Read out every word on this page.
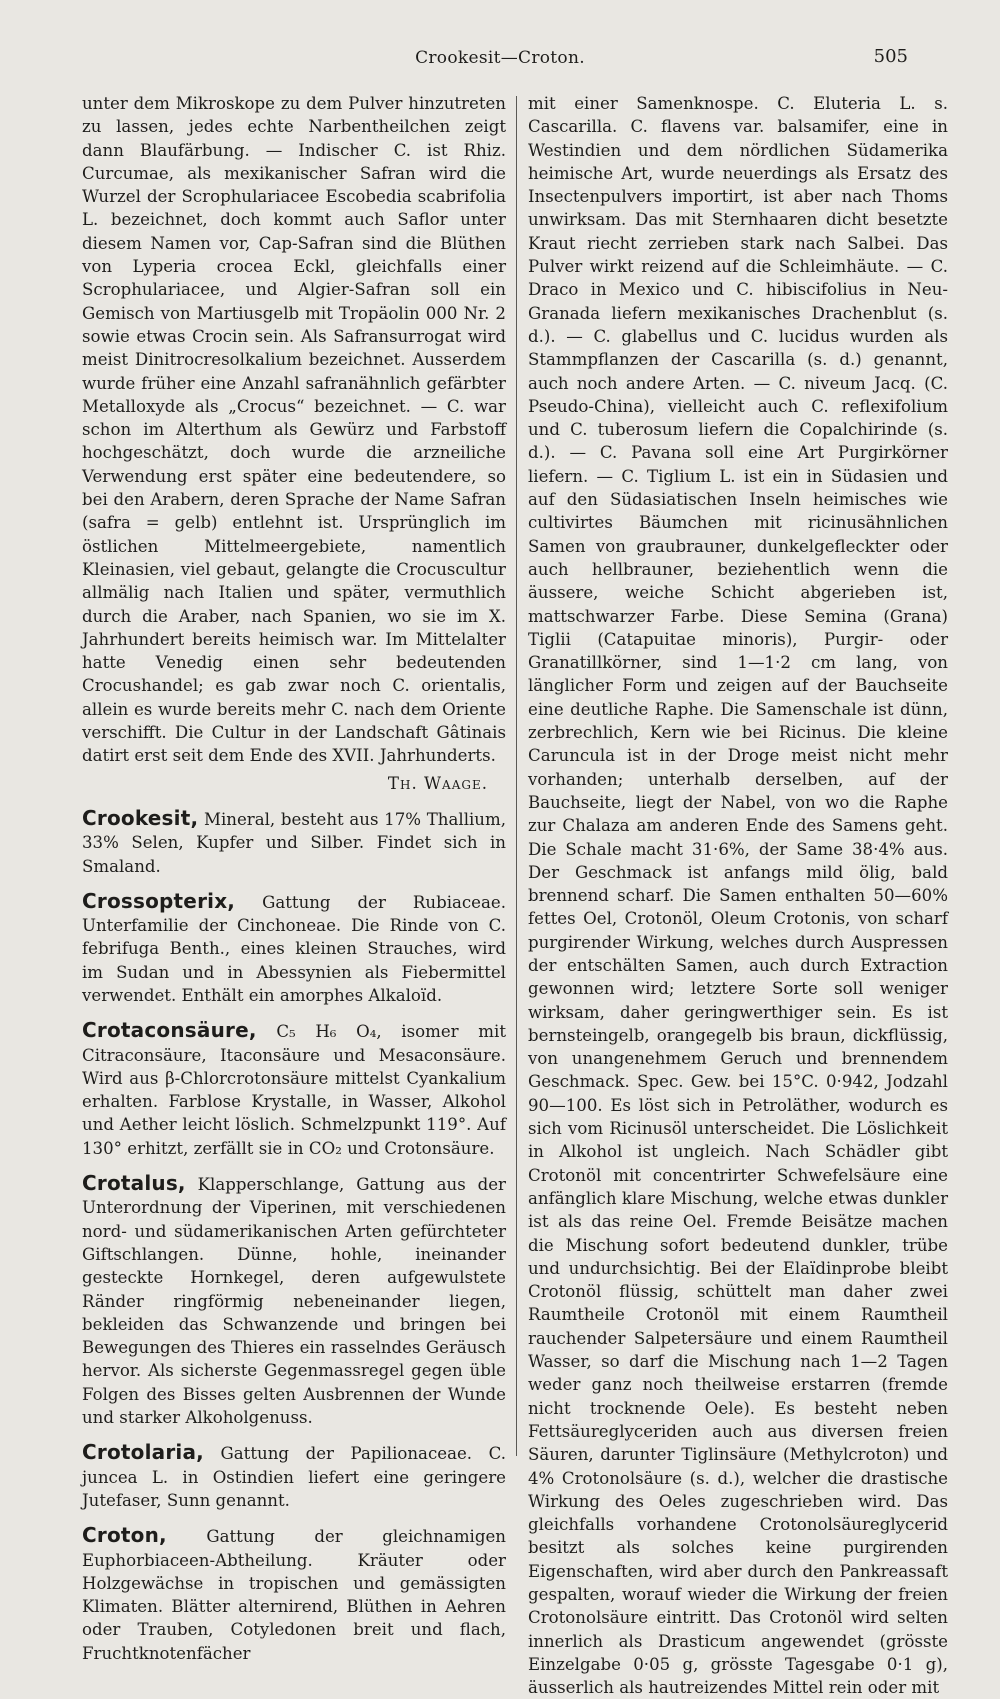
Crookesit—Croton.	505

unter dem Mikroskope zu dem Pulver hinzutreten zu lassen, jedes echte Narbentheilchen zeigt dann Blaufärbung. — Indischer C. ist Rhiz. Curcumae, als mexikanischer Safran wird die Wurzel der Scrophulariacee Escobedia scabrifolia L. bezeichnet, doch kommt auch Saflor unter diesem Namen vor, Cap-Safran sind die Blüthen von Lyperia crocea Eckl, gleichfalls einer Scrophulariacee, und Algier-Safran soll ein Gemisch von Martiusgelb mit Tropäolin 000 Nr. 2 sowie etwas Crocin sein. Als Safransurrogat wird meist Dinitrocresolkalium bezeichnet. Ausserdem wurde früher eine Anzahl safranähnlich gefärbter Metalloxyde als „Crocus“ bezeichnet. — C. war schon im Alterthum als Gewürz und Farbstoff hochgeschätzt, doch wurde die arzneiliche Verwendung erst später eine bedeutendere, so bei den Arabern, deren Sprache der Name Safran (safra = gelb) entlehnt ist. Ursprünglich im östlichen Mittelmeergebiete, namentlich Kleinasien, viel gebaut, gelangte die Crocuscultur allmälig nach Italien und später, vermuthlich durch die Araber, nach Spanien, wo sie im X. Jahrhundert bereits heimisch war. Im Mittelalter hatte Venedig einen sehr bedeutenden Crocushandel; es gab zwar noch C. orientalis, allein es wurde bereits mehr C. nach dem Oriente verschifft. Die Cultur in der Landschaft Gâtinais datirt erst seit dem Ende des XVII. Jahrhunderts.

Th. Waage.

Crookesit, Mineral, besteht aus 17% Thallium, 33% Selen, Kupfer und Silber. Findet sich in Smaland.

Crossopterix, Gattung der Rubiaceae. Unterfamilie der Cinchoneae. Die Rinde von C. febrifuga Benth., eines kleinen Strauches, wird im Sudan und in Abessynien als Fiebermittel verwendet. Enthält ein amorphes Alkaloïd.

Crotaconsäure, C₅ H₆ O₄, isomer mit Citraconsäure, Itaconsäure und Mesaconsäure. Wird aus β-Chlorcrotonsäure mittelst Cyankalium erhalten. Farblose Krystalle, in Wasser, Alkohol und Aether leicht löslich. Schmelzpunkt 119°. Auf 130° erhitzt, zerfällt sie in CO₂ und Crotonsäure.

Crotalus, Klapperschlange, Gattung aus der Unterordnung der Viperinen, mit verschiedenen nord- und südamerikanischen Arten gefürchteter Giftschlangen. Dünne, hohle, ineinander gesteckte Hornkegel, deren aufgewulstete Ränder ringförmig nebeneinander liegen, bekleiden das Schwanzende und bringen bei Bewegungen des Thieres ein rasselndes Geräusch hervor. Als sicherste Gegenmassregel gegen üble Folgen des Bisses gelten Ausbrennen der Wunde und starker Alkoholgenuss.

Crotolaria, Gattung der Papilionaceae. C. juncea L. in Ostindien liefert eine geringere Jutefaser, Sunn genannt.

Croton, Gattung der gleichnamigen Euphorbiaceen-Abtheilung. Kräuter oder Holzgewächse in tropischen und gemässigten Klimaten. Blätter alternirend, Blüthen in Aehren oder Trauben, Cotyledonen breit und flach, Fruchtknotenfächer

mit einer Samenknospe. C. Eluteria L. s. Cascarilla. C. flavens var. balsamifer, eine in Westindien und dem nördlichen Südamerika heimische Art, wurde neuerdings als Ersatz des Insectenpulvers importirt, ist aber nach Thoms unwirksam. Das mit Sternhaaren dicht besetzte Kraut riecht zerrieben stark nach Salbei. Das Pulver wirkt reizend auf die Schleimhäute. — C. Draco in Mexico und C. hibiscifolius in Neu-Granada liefern mexikanisches Drachenblut (s. d.). — C. glabellus und C. lucidus wurden als Stammpflanzen der Cascarilla (s. d.) genannt, auch noch andere Arten. — C. niveum Jacq. (C. Pseudo-China), vielleicht auch C. reflexifolium und C. tuberosum liefern die Copalchirinde (s. d.). — C. Pavana soll eine Art Purgirkörner liefern. — C. Tiglium L. ist ein in Südasien und auf den Südasiatischen Inseln heimisches wie cultivirtes Bäumchen mit ricinusähnlichen Samen von graubrauner, dunkelgefleckter oder auch hellbrauner, beziehentlich wenn die äussere, weiche Schicht abgerieben ist, mattschwarzer Farbe. Diese Semina (Grana) Tiglii (Catapuitae minoris), Purgir- oder Granatillkörner, sind 1—1·2 cm lang, von länglicher Form und zeigen auf der Bauchseite eine deutliche Raphe. Die Samenschale ist dünn, zerbrechlich, Kern wie bei Ricinus. Die kleine Caruncula ist in der Droge meist nicht mehr vorhanden; unterhalb derselben, auf der Bauchseite, liegt der Nabel, von wo die Raphe zur Chalaza am anderen Ende des Samens geht. Die Schale macht 31·6%, der Same 38·4% aus. Der Geschmack ist anfangs mild ölig, bald brennend scharf. Die Samen enthalten 50—60% fettes Oel, Crotonöl, Oleum Crotonis, von scharf purgirender Wirkung, welches durch Auspressen der entschälten Samen, auch durch Extraction gewonnen wird; letztere Sorte soll weniger wirksam, daher geringwerthiger sein. Es ist bernsteingelb, orangegelb bis braun, dickflüssig, von unangenehmem Geruch und brennendem Geschmack. Spec. Gew. bei 15°C. 0·942, Jodzahl 90—100. Es löst sich in Petroläther, wodurch es sich vom Ricinusöl unterscheidet. Die Löslichkeit in Alkohol ist ungleich. Nach Schädler gibt Crotonöl mit concentrirter Schwefelsäure eine anfänglich klare Mischung, welche etwas dunkler ist als das reine Oel. Fremde Beisätze machen die Mischung sofort bedeutend dunkler, trübe und undurchsichtig. Bei der Elaïdinprobe bleibt Crotonöl flüssig, schüttelt man daher zwei Raumtheile Crotonöl mit einem Raumtheil rauchender Salpetersäure und einem Raumtheil Wasser, so darf die Mischung nach 1—2 Tagen weder ganz noch theilweise erstarren (fremde nicht trocknende Oele). Es besteht neben Fettsäureglyceriden auch aus diversen freien Säuren, darunter Tiglinsäure (Methylcroton) und 4% Crotonolsäure (s. d.), welcher die drastische Wirkung des Oeles zugeschrieben wird. Das gleichfalls vorhandene Crotonolsäureglycerid besitzt als solches keine purgirenden Eigenschaften, wird aber durch den Pankreassaft gespalten, worauf wieder die Wirkung der freien Crotonolsäure eintritt. Das Crotonöl wird selten innerlich als Drasticum angewendet (grösste Einzelgabe 0·05 g, grösste Tagesgabe 0·1 g), äusserlich als hautreizendes Mittel rein oder mit
